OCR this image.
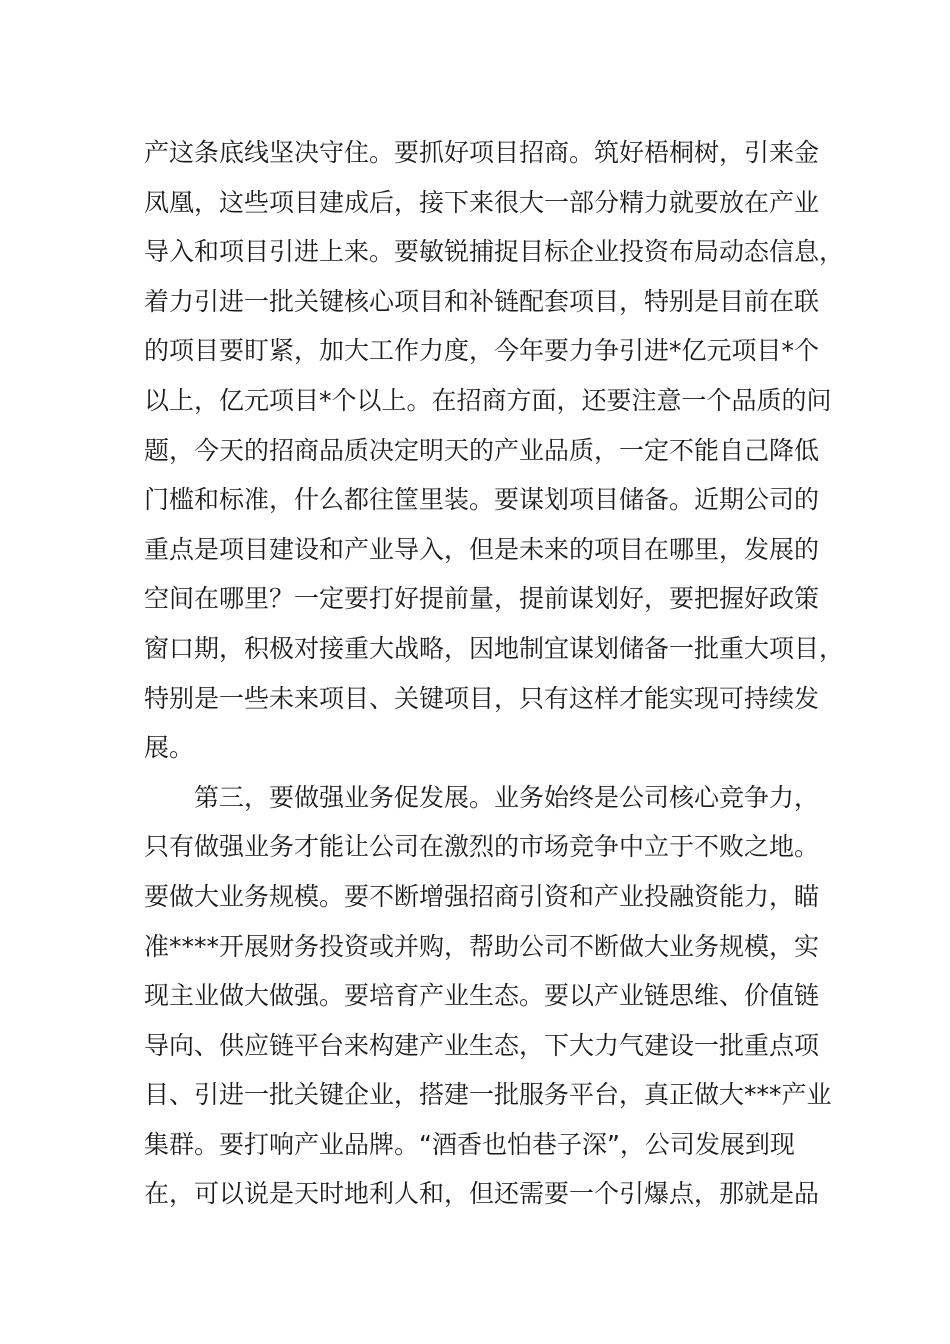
产这条底线坚决守住。要抓好项目招商。筑好梧桐树，引来金
凤凰，这些项目建成后，接下来很大一部分精力就要放在产业
导入和项目引进上来。要敏锐捕捉目标企业投资布局动态信息，
着力引进一批关键核心项目和补链配套项目，特别是目前在联
的项目要盯紧，加大工作力度，今年要力争引进*亿元项目*个
以上，亿元项目*个以上。在招商方面，还要注意一个品质的问
题，今天的招商品质决定明天的产业品质，一定不能自己降低
门槛和标准，什么都往筐里装。要谋划项目储备。近期公司的
重点是项目建设和产业导入，但是未来的项目在哪里，发展的
空间在哪里？一定要打好提前量，提前谋划好，要把握好政策
窗口期，积极对接重大战略，因地制宜谋划储备一批重大项目，
特别是一些未来项目、关键项目，只有这样才能实现可持续发
展。
第三，要做强业务促发展。业务始终是公司核心竞争力，
只有做强业务才能让公司在激烈的市场竞争中立于不败之地。
要做大业务规模。要不断增强招商引资和产业投融资能力，瞄
准****开展财务投资或并购，帮助公司不断做大业务规模，实
现主业做大做强。要培育产业生态。要以产业链思维、价值链
导向、供应链平台来构建产业生态，下大力气建设一批重点项
目、引进一批关键企业，搭建一批服务平台，真正做大***产业
集群。要打响产业品牌。“酒香也怕巷子深”，公司发展到现
在，可以说是天时地利人和，但还需要一个引爆点，那就是品
